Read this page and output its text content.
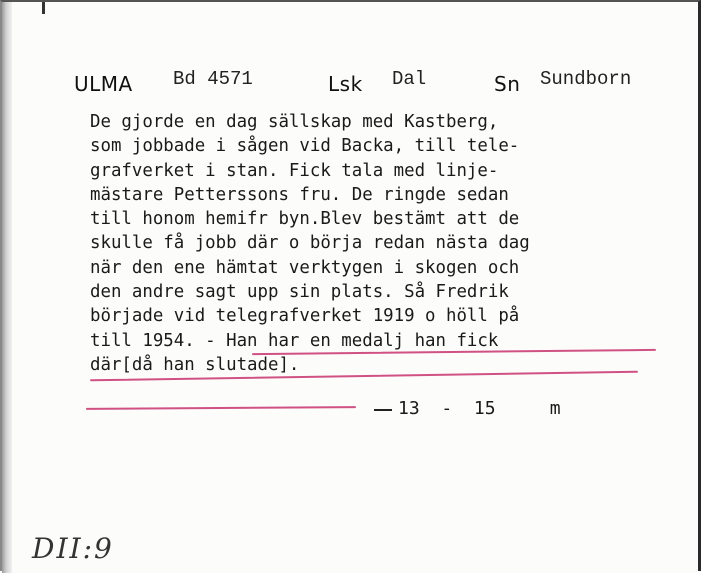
ULMA Bd 4571	Lsk Dal	Sn Sundborn
De gjorde en dag sällskap med Kastberg,
som jobbade i sågen vid Backa, till tele-
grafverket i stan. Fick tala med linje-
mästare Petterssons fru. De ringde sedan
till honom hemifr byn.Blev bestämt att de
skulle få jobb där o börja redan nästa dag
när den ene hämtat verktygen i skogen och
den andre sagt upp sin plats. Så Fredrik
började vid telegrafverket 1919 o höll på
till 1954. - Han har en medalj han fick
där[då han slutade].
13  -  15     m
DII:9
